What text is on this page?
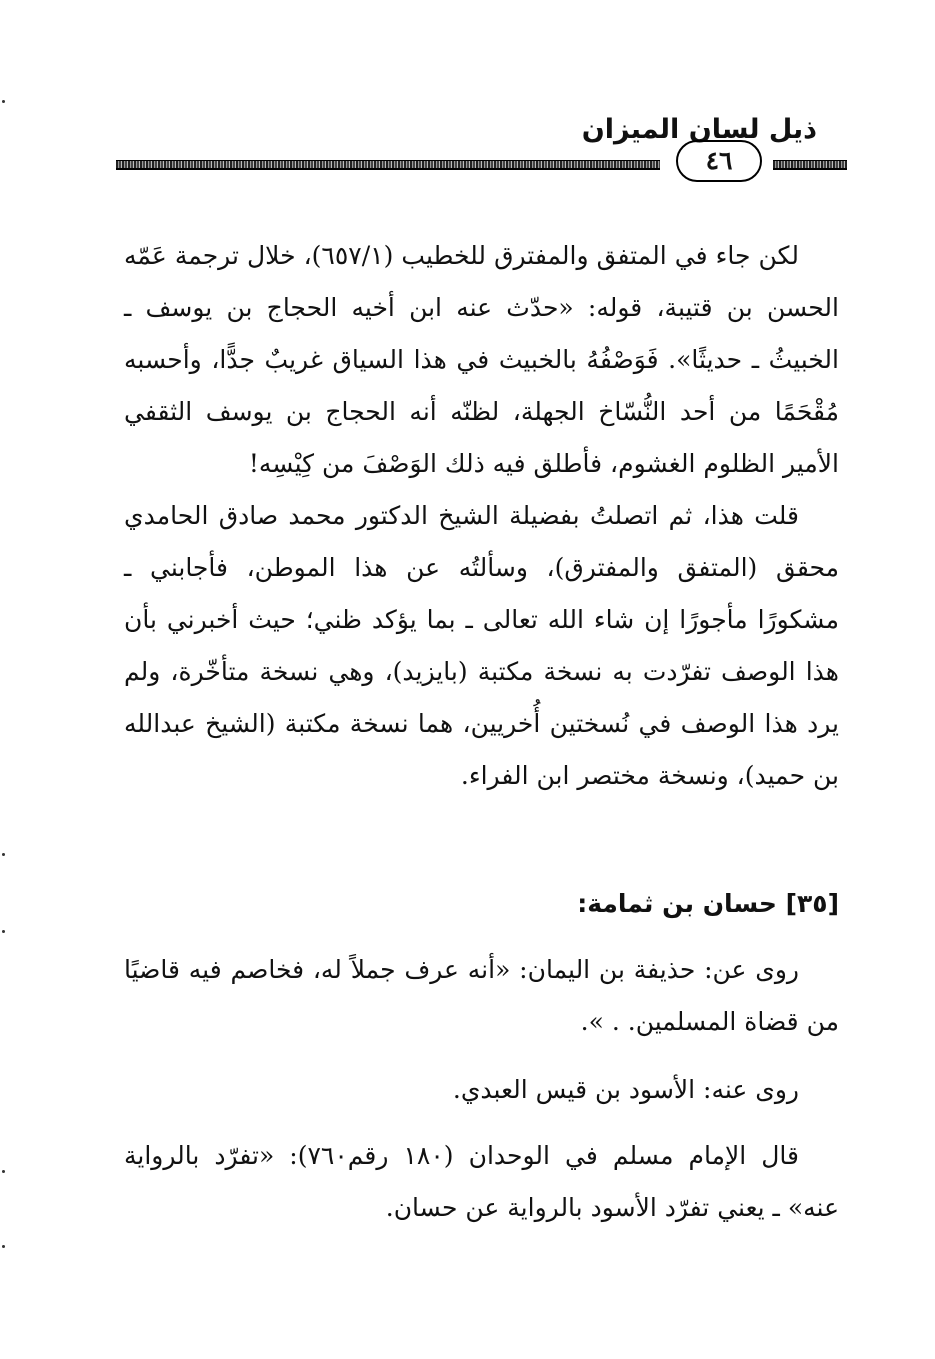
ذيل لسان الميزان
٤٦

لكن جاء في المتفق والمفترق للخطيب (٦٥٧/١)، خلال ترجمة عَمّه الحسن بن قتيبة، قوله: «حدّث عنه ابن أخيه الحجاج بن يوسف ـ الخبيثُ ـ حديثًا». فَوَصْفُهُ بالخبيث في هذا السياق غريبٌ جدًّا، وأحسبه مُقْحَمًا من أحد النُّسّاخ الجهلة، لظنّه أنه الحجاج بن يوسف الثقفي الأمير الظلوم الغشوم، فأطلق فيه ذلك الوَصْفَ من كِيْسِه!

قلت هذا، ثم اتصلتُ بفضيلة الشيخ الدكتور محمد صادق الحامدي محقق (المتفق والمفترق)، وسألتُه عن هذا الموطن، فأجابني ـ مشكورًا مأجورًا إن شاء الله تعالى ـ بما يؤكد ظني؛ حيث أخبرني بأن هذا الوصف تفرّدت به نسخة مكتبة (بايزيد)، وهي نسخة متأخّرة، ولم يرد هذا الوصف في نُسختين أُخريين، هما نسخة مكتبة (الشيخ عبدالله بن حميد)، ونسخة مختصر ابن الفراء.

[٣٥] حسان بن ثمامة:

روى عن: حذيفة بن اليمان: «أنه عرف جملاً له، فخاصم فيه قاضيًا من قضاة المسلمين. . ».

روى عنه: الأسود بن قيس العبدي.

قال الإمام مسلم في الوحدان (١٨٠ رقم٧٦٠): «تفرّد بالرواية عنه» ـ يعني تفرّد الأسود بالرواية عن حسان.
